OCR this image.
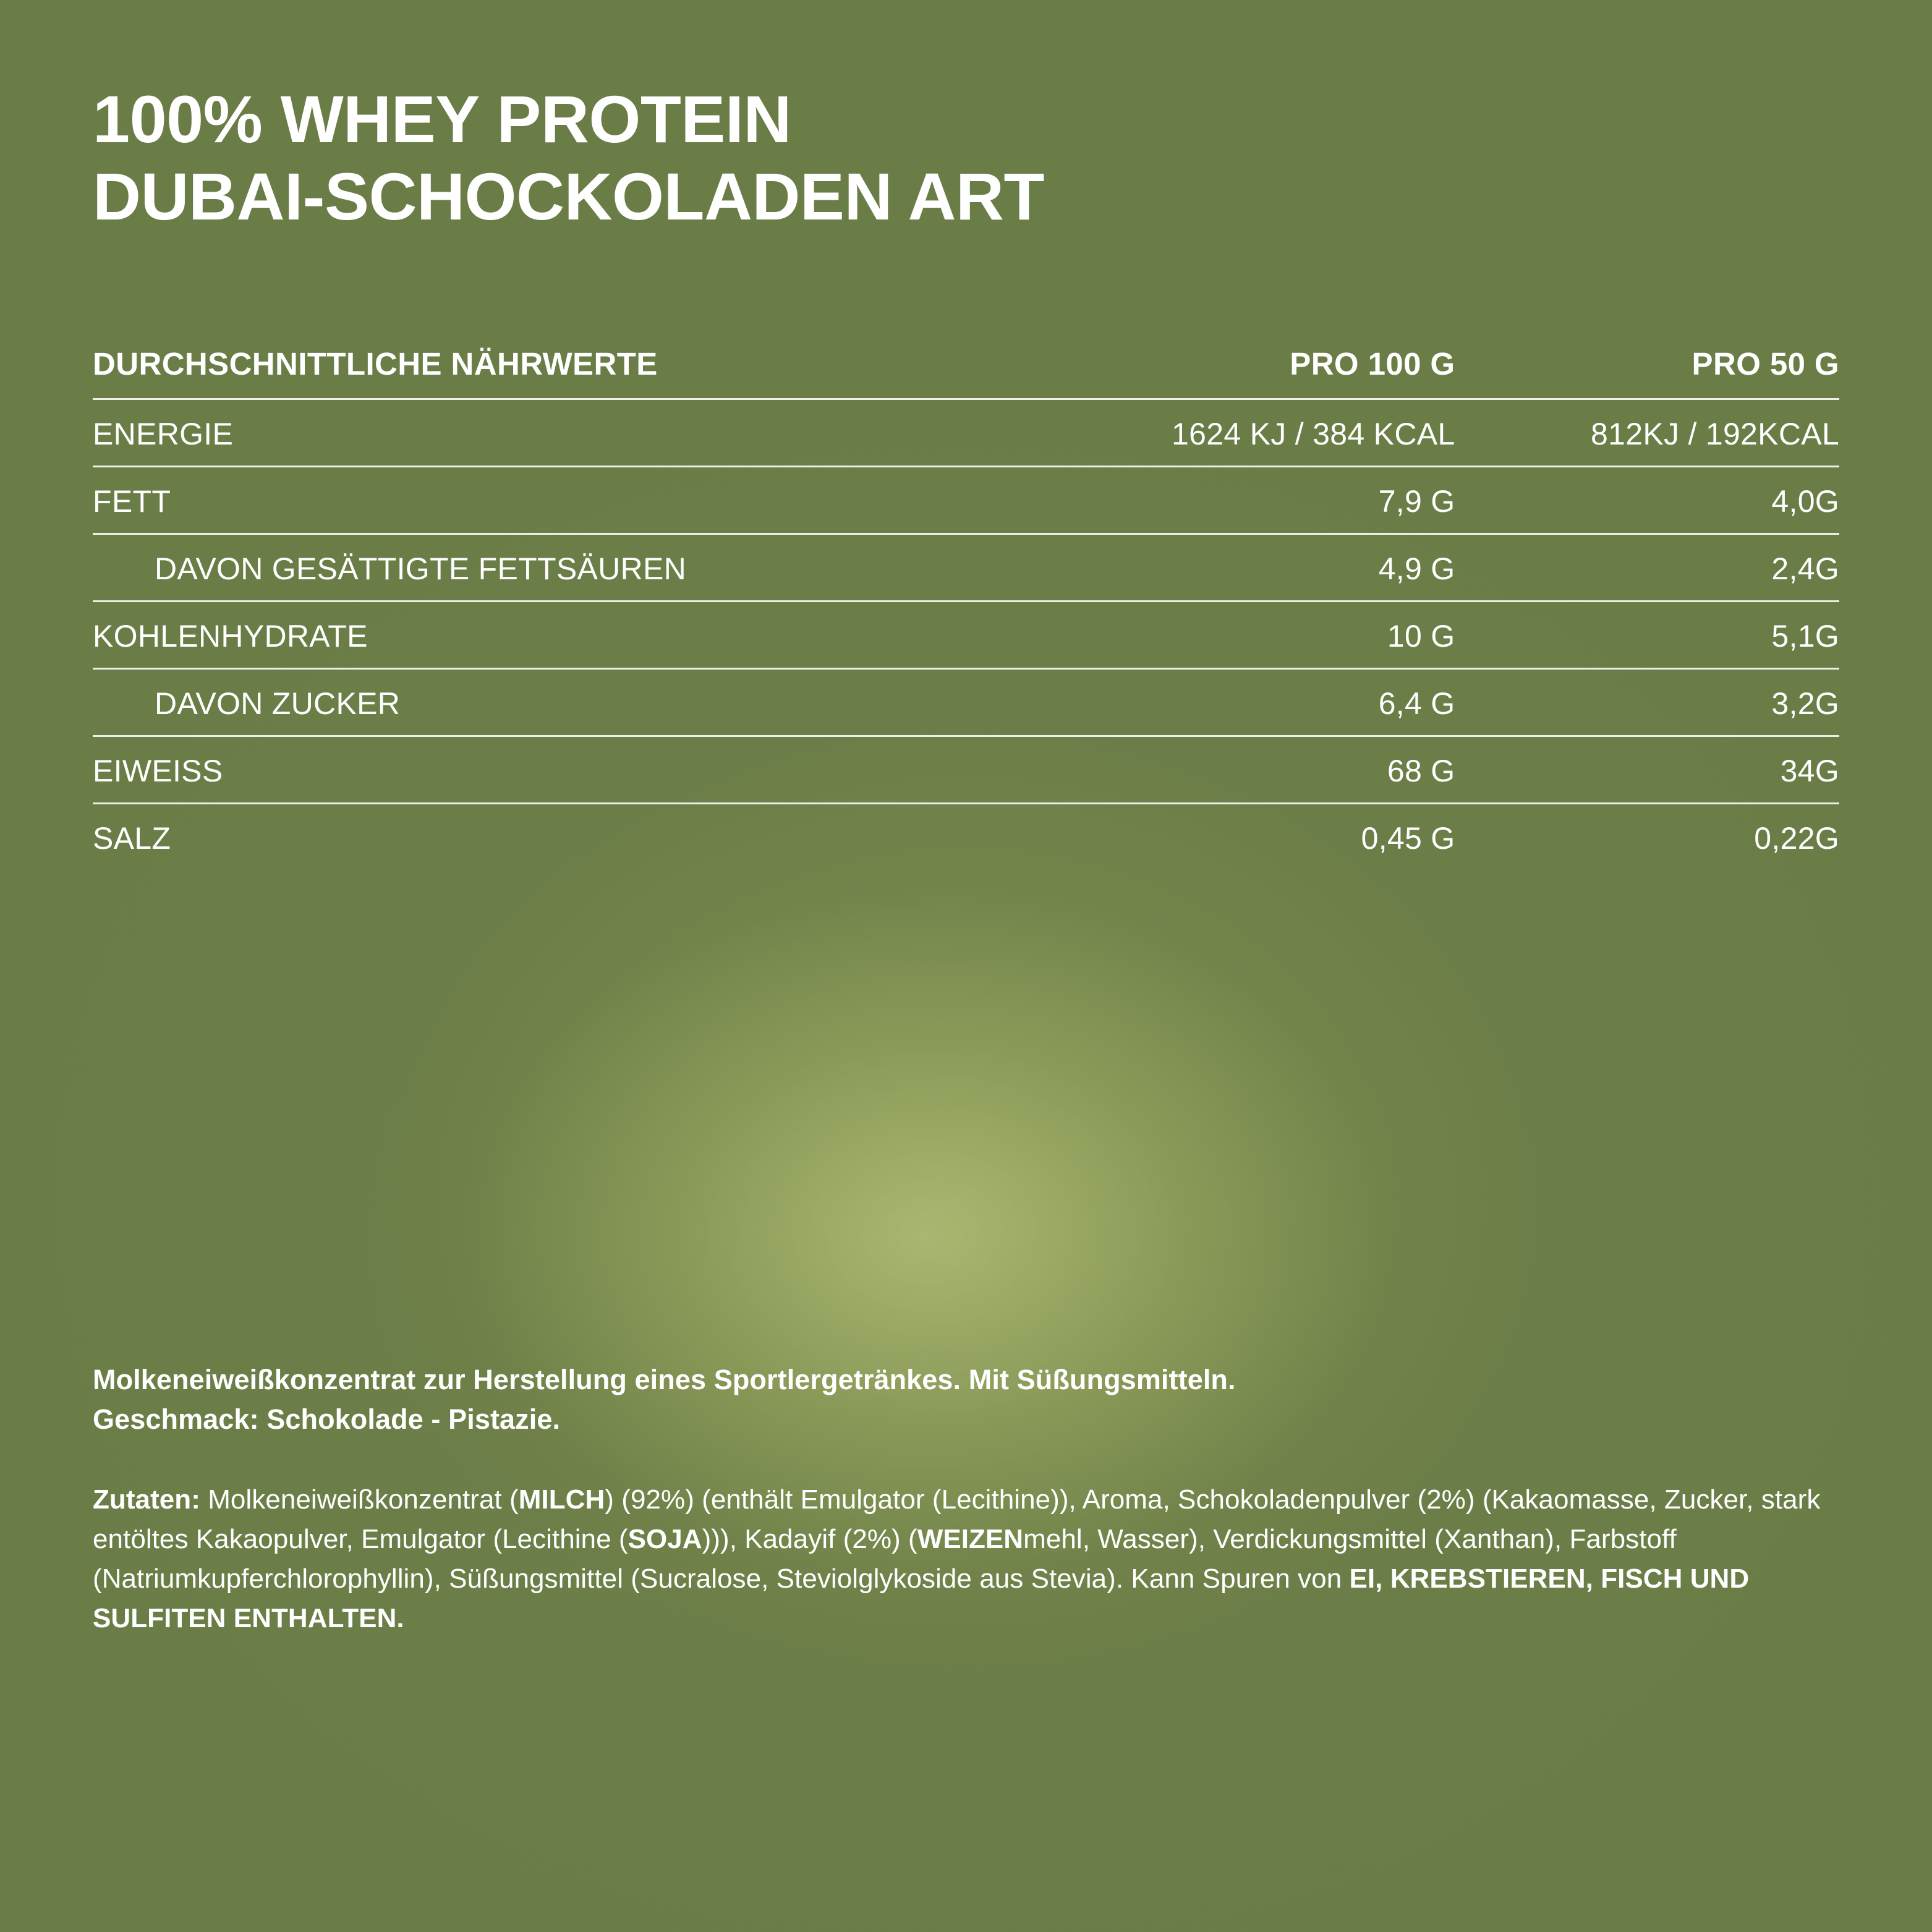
100% WHEY PROTEIN
DUBAI-SCHOCKOLADEN ART
DURCHSCHNITTLICHE NÄHRWERTE	PRO 100 G	PRO 50 G
ENERGIE	1624 KJ / 384 KCAL	812KJ / 192KCAL
FETT	7,9 G	4,0G
DAVON GESÄTTIGTE FETTSÄUREN	4,9 G	2,4G
KOHLENHYDRATE	10 G	5,1G
DAVON ZUCKER	6,4 G	3,2G
EIWEISS	68 G	34G
SALZ	0,45 G	0,22G

Molkeneiweißkonzentrat zur Herstellung eines Sportlergetränkes. Mit Süßungsmitteln.
Geschmack: Schokolade - Pistazie.

Zutaten: Molkeneiweißkonzentrat (MILCH) (92%) (enthält Emulgator (Lecithine)), Aroma, Schokoladenpulver (2%) (Kakaomasse, Zucker, stark entöltes Kakaopulver, Emulgator (Lecithine (SOJA))), Kadayif (2%) (WEIZENmehl, Wasser), Verdickungsmittel (Xanthan), Farbstoff (Natriumkupferchlorophyllin), Süßungsmittel (Sucralose, Steviolglykoside aus Stevia). Kann Spuren von EI, KREBSTIEREN, FISCH UND SULFITEN ENTHALTEN.
